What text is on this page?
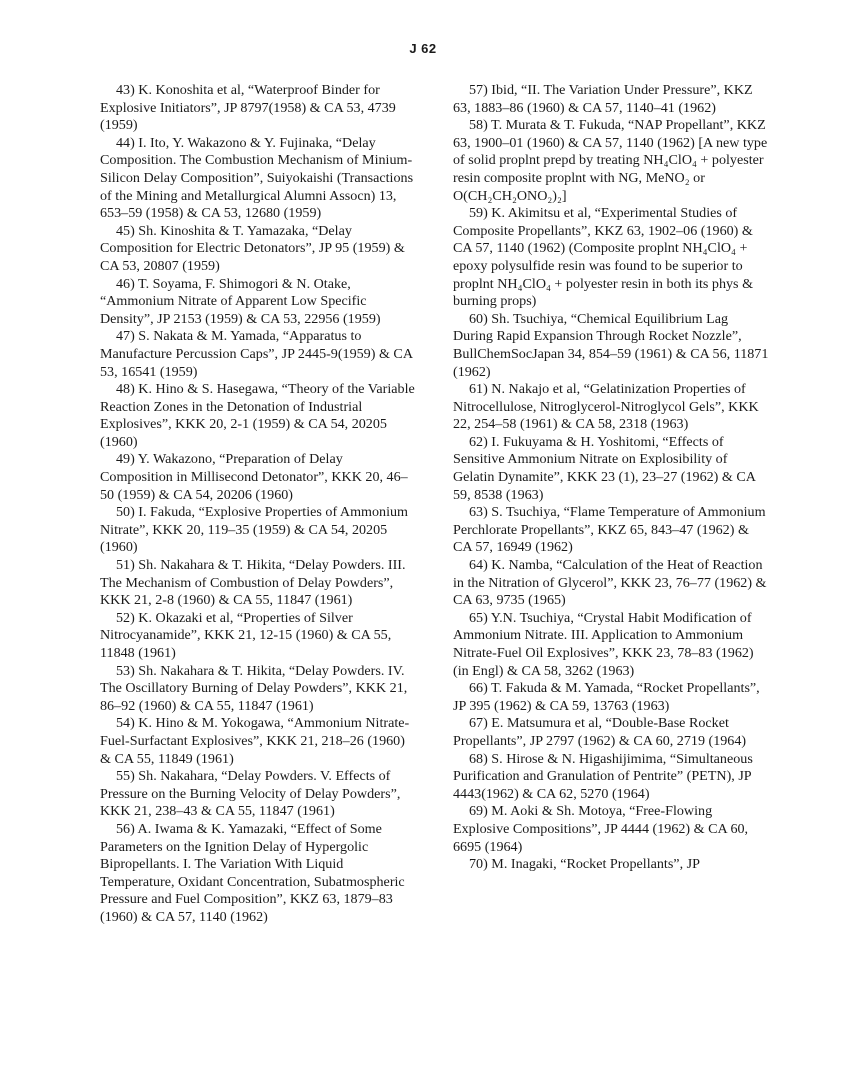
J 62

43) K. Konoshita et al, “Waterproof Binder for Explosive Initiators”, JP 8797(1958) & CA 53, 4739 (1959)

44) I. Ito, Y. Wakazono & Y. Fujinaka, “Delay Composition. The Combustion Mechanism of Minium-Silicon Delay Composition”, Suiyokaishi (Transactions of the Mining and Metallurgical Alumni Assocn) 13, 653–59 (1958) & CA 53, 12680 (1959)

45) Sh. Kinoshita & T. Yamazaka, “Delay Composition for Electric Detonators”, JP 95 (1959) & CA 53, 20807 (1959)

46) T. Soyama, F. Shimogori & N. Otake, “Ammonium Nitrate of Apparent Low Specific Density”, JP 2153 (1959) & CA 53, 22956 (1959)

47) S. Nakata & M. Yamada, “Apparatus to Manufacture Percussion Caps”, JP 2445-9(1959) & CA 53, 16541 (1959)

48) K. Hino & S. Hasegawa, “Theory of the Variable Reaction Zones in the Detonation of Industrial Explosives”, KKK 20, 2-1 (1959) & CA 54, 20205 (1960)

49) Y. Wakazono, “Preparation of Delay Composition in Millisecond Detonator”, KKK 20, 46–50 (1959) & CA 54, 20206 (1960)

50) I. Fakuda, “Explosive Properties of Ammonium Nitrate”, KKK 20, 119–35 (1959) & CA 54, 20205 (1960)

51) Sh. Nakahara & T. Hikita, “Delay Powders. III. The Mechanism of Combustion of Delay Powders”, KKK 21, 2-8 (1960) & CA 55, 11847 (1961)

52) K. Okazaki et al, “Properties of Silver Nitrocyanamide”, KKK 21, 12-15 (1960) & CA 55, 11848 (1961)

53) Sh. Nakahara & T. Hikita, “Delay Powders. IV. The Oscillatory Burning of Delay Powders”, KKK 21, 86–92 (1960) & CA 55, 11847 (1961)

54) K. Hino & M. Yokogawa, “Ammonium Nitrate-Fuel-Surfactant Explosives”, KKK 21, 218–26 (1960) & CA 55, 11849 (1961)

55) Sh. Nakahara, “Delay Powders. V. Effects of Pressure on the Burning Velocity of Delay Powders”, KKK 21, 238–43 & CA 55, 11847 (1961)

56) A. Iwama & K. Yamazaki, “Effect of Some Parameters on the Ignition Delay of Hypergolic Bipropellants. I. The Variation With Liquid Temperature, Oxidant Concentration, Subatmospheric Pressure and Fuel Composition”, KKZ 63, 1879–83 (1960) & CA 57, 1140 (1962)

57) Ibid, “II. The Variation Under Pressure”, KKZ 63, 1883–86 (1960) & CA 57, 1140–41 (1962)

58) T. Murata & T. Fukuda, “NAP Propellant”, KKZ 63, 1900–01 (1960) & CA 57, 1140 (1962) [A new type of solid proplnt prepd by treating NH₄ClO₄ + polyester resin composite proplnt with NG, MeNO₂ or O(CH₂CH₂ONO₂)₂]

59) K. Akimitsu et al, “Experimental Studies of Composite Propellants”, KKZ 63, 1902–06 (1960) & CA 57, 1140 (1962) (Composite proplnt NH₄ClO₄ + epoxy polysulfide resin was found to be superior to proplnt NH₄ClO₄ + polyester resin in both its phys & burning props)

60) Sh. Tsuchiya, “Chemical Equilibrium Lag During Rapid Expansion Through Rocket Nozzle”, BullChemSocJapan 34, 854–59 (1961) & CA 56, 11871 (1962)

61) N. Nakajo et al, “Gelatinization Properties of Nitrocellulose, Nitroglycerol-Nitroglycol Gels”, KKK 22, 254–58 (1961) & CA 58, 2318 (1963)

62) I. Fukuyama & H. Yoshitomi, “Effects of Sensitive Ammonium Nitrate on Explosibility of Gelatin Dynamite”, KKK 23 (1), 23–27 (1962) & CA 59, 8538 (1963)

63) S. Tsuchiya, “Flame Temperature of Ammonium Perchlorate Propellants”, KKZ 65, 843–47 (1962) & CA 57, 16949 (1962)

64) K. Namba, “Calculation of the Heat of Reaction in the Nitration of Glycerol”, KKK 23, 76–77 (1962) & CA 63, 9735 (1965)

65) Y.N. Tsuchiya, “Crystal Habit Modification of Ammonium Nitrate. III. Application to Ammonium Nitrate-Fuel Oil Explosives”, KKK 23, 78–83 (1962) (in Engl) & CA 58, 3262 (1963)

66) T. Fakuda & M. Yamada, “Rocket Propellants”, JP 395 (1962) & CA 59, 13763 (1963)

67) E. Matsumura et al, “Double-Base Rocket Propellants”, JP 2797 (1962) & CA 60, 2719 (1964)

68) S. Hirose & N. Higashijimima, “Simultaneous Purification and Granulation of Pentrite” (PETN), JP 4443(1962) & CA 62, 5270 (1964)

69) M. Aoki & Sh. Motoya, “Free-Flowing Explosive Compositions”, JP 4444 (1962) & CA 60, 6695 (1964)

70) M. Inagaki, “Rocket Propellants”, JP
